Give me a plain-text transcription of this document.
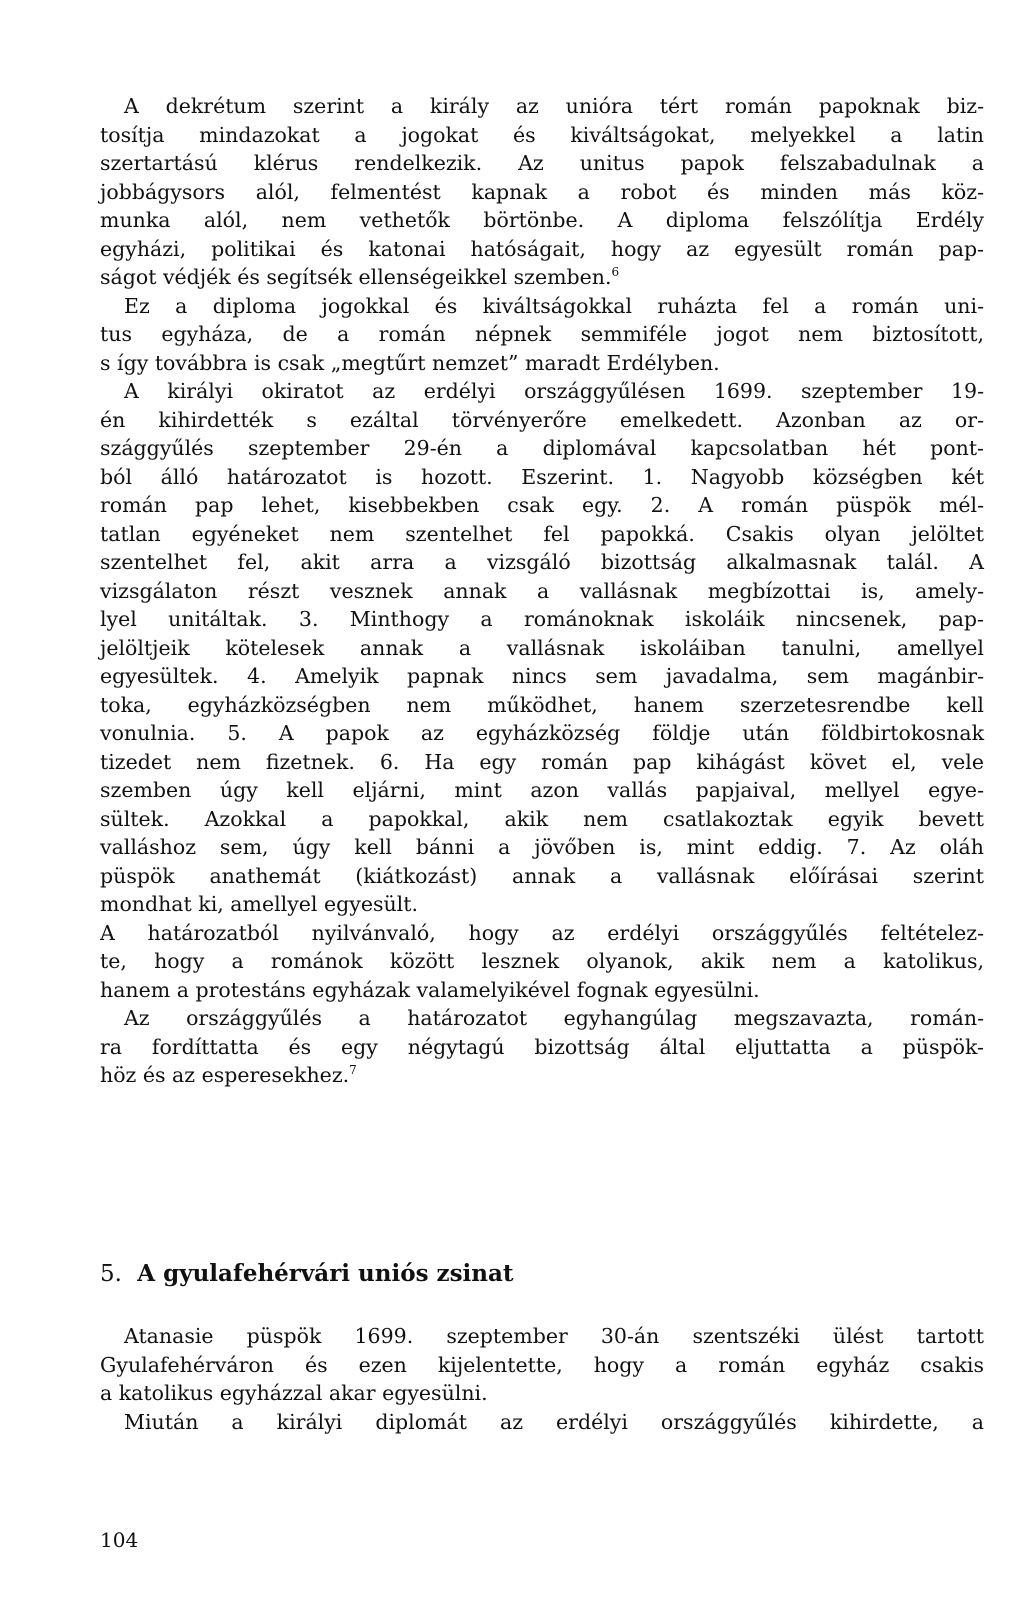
A dekrétum szerint a király az unióra tért román papoknak biz-
tosítja mindazokat a jogokat és kiváltságokat, melyekkel a latin
szertartású klérus rendelkezik. Az unitus papok felszabadulnak a
jobbágysors alól, felmentést kapnak a robot és minden más köz-
munka alól, nem vethetők börtönbe. A diploma felszólítja Erdély
egyházi, politikai és katonai hatóságait, hogy az egyesült román pap-
ságot védjék és segítsék ellenségeikkel szemben.$^6$
Ez a diploma jogokkal és kiváltságokkal ruházta fel a román uni-
tus egyháza, de a román népnek semmiféle jogot nem biztosított,
s így továbbra is csak „megtűrt nemzet” maradt Erdélyben.
A királyi okiratot az erdélyi országgyűlésen 1699. szeptember 19-
én kihirdették s ezáltal törvényerőre emelkedett. Azonban az or-
szággyűlés szeptember 29-én a diplomával kapcsolatban hét pont-
ból álló határozatot is hozott. Eszerint. 1. Nagyobb községben két
román pap lehet, kisebbekben csak egy. 2. A román püspök mél-
tatlan egyéneket nem szentelhet fel papokká. Csakis olyan jelöltet
szentelhet fel, akit arra a vizsgáló bizottság alkalmasnak talál. A
vizsgálaton részt vesznek annak a vallásnak megbízottai is, amely-
lyel unitáltak. 3. Minthogy a románoknak iskoláik nincsenek, pap-
jelöltjeik kötelesek annak a vallásnak iskoláiban tanulni, amellyel
egyesültek. 4. Amelyik papnak nincs sem javadalma, sem magánbir-
toka, egyházközségben nem működhet, hanem szerzetesrendbe kell
vonulnia. 5. A papok az egyházközség földje után földbirtokosnak
tizedet nem fizetnek. 6. Ha egy román pap kihágást követ el, vele
szemben úgy kell eljárni, mint azon vallás papjaival, mellyel egye-
sültek. Azokkal a papokkal, akik nem csatlakoztak egyik bevett
valláshoz sem, úgy kell bánni a jövőben is, mint eddig. 7. Az oláh
püspök anathemát (kiátkozást) annak a vallásnak előírásai szerint
mondhat ki, amellyel egyesült.
A határozatból nyilvánvaló, hogy az erdélyi országgyűlés feltételez-
te, hogy a románok között lesznek olyanok, akik nem a katolikus,
hanem a protestáns egyházak valamelyikével fognak egyesülni.
Az országgyűlés a határozatot egyhangúlag megszavazta, román-
ra fordíttatta és egy négytagú bizottság által eljuttatta a püspök-
höz és az esperesekhez.$^7$
5. A gyulafehérvári uniós zsinat
Atanasie püspök 1699. szeptember 30-án szentszéki ülést tartott
Gyulafehérváron és ezen kijelentette, hogy a román egyház csakis
a katolikus egyházzal akar egyesülni.
Miután a királyi diplomát az erdélyi országgyűlés kihirdette, a
104
